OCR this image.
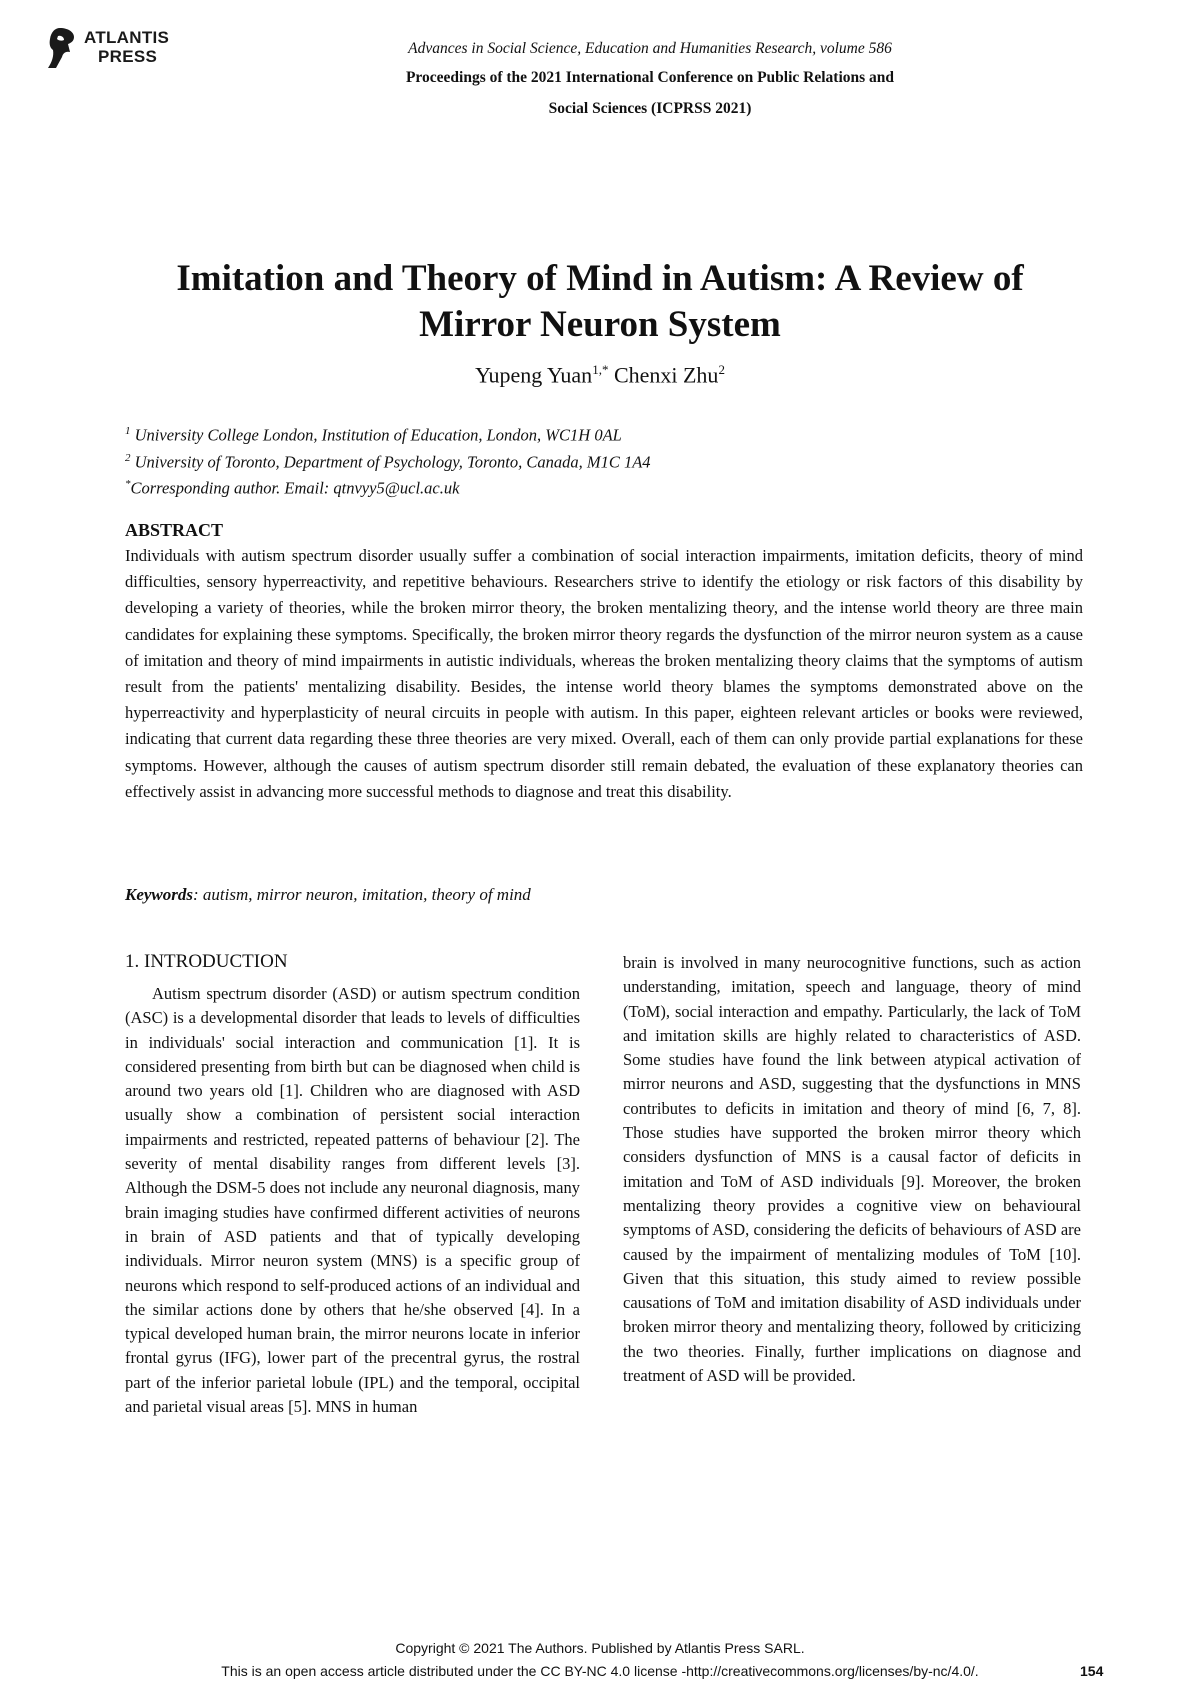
ATLANTIS
PRESS	Advances in Social Science, Education and Humanities Research, volume 586
Proceedings of the 2021 International Conference on Public Relations and
Social Sciences (ICPRSS 2021)
Imitation and Theory of Mind in Autism: A Review of
Mirror Neuron System
Yupeng Yuan$^{1,*}$ Chenxi Zhu$^2$
$^1$ University College London, Institution of Education, London, WC1H 0AL
$^2$ University of Toronto, Department of Psychology, Toronto, Canada, M1C 1A4
*Corresponding author. Email: qtnvyy5@ucl.ac.uk
ABSTRACT
Individuals with autism spectrum disorder usually suffer a combination of social interaction impairments, imitation deficits, theory of mind difficulties, sensory hyperreactivity, and repetitive behaviours. Researchers strive to identify the etiology or risk factors of this disability by developing a variety of theories, while the broken mirror theory, the broken mentalizing theory, and the intense world theory are three main candidates for explaining these symptoms. Specifically, the broken mirror theory regards the dysfunction of the mirror neuron system as a cause of imitation and theory of mind impairments in autistic individuals, whereas the broken mentalizing theory claims that the symptoms of autism result from the patients' mentalizing disability. Besides, the intense world theory blames the symptoms demonstrated above on the hyperreactivity and hyperplasticity of neural circuits in people with autism. In this paper, eighteen relevant articles or books were reviewed, indicating that current data regarding these three theories are very mixed. Overall, each of them can only provide partial explanations for these symptoms. However, although the causes of autism spectrum disorder still remain debated, the evaluation of these explanatory theories can effectively assist in advancing more successful methods to diagnose and treat this disability.
Keywords: autism, mirror neuron, imitation, theory of mind
1. INTRODUCTION

Autism spectrum disorder (ASD) or autism spectrum condition (ASC) is a developmental disorder that leads to levels of difficulties in individuals' social interaction and communication [1]. It is considered presenting from birth but can be diagnosed when child is around two years old [1]. Children who are diagnosed with ASD usually show a combination of persistent social interaction impairments and restricted, repeated patterns of behaviour [2]. The severity of mental disability ranges from different levels [3]. Although the DSM-5 does not include any neuronal diagnosis, many brain imaging studies have confirmed different activities of neurons in brain of ASD patients and that of typically developing individuals. Mirror neuron system (MNS) is a specific group of neurons which respond to self-produced actions of an individual and the similar actions done by others that he/she observed [4]. In a typical developed human brain, the mirror neurons locate in inferior frontal gyrus (IFG), lower part of the precentral gyrus, the rostral part of the inferior parietal lobule (IPL) and the temporal, occipital and parietal visual areas [5]. MNS in human

brain is involved in many neurocognitive functions, such as action understanding, imitation, speech and language, theory of mind (ToM), social interaction and empathy. Particularly, the lack of ToM and imitation skills are highly related to characteristics of ASD. Some studies have found the link between atypical activation of mirror neurons and ASD, suggesting that the dysfunctions in MNS contributes to deficits in imitation and theory of mind [6, 7, 8]. Those studies have supported the broken mirror theory which considers dysfunction of MNS is a causal factor of deficits in imitation and ToM of ASD individuals [9]. Moreover, the broken mentalizing theory provides a cognitive view on behavioural symptoms of ASD, considering the deficits of behaviours of ASD are caused by the impairment of mentalizing modules of ToM [10]. Given that this situation, this study aimed to review possible causations of ToM and imitation disability of ASD individuals under broken mirror theory and mentalizing theory, followed by criticizing the two theories. Finally, further implications on diagnose and treatment of ASD will be provided.

Copyright © 2021 The Authors. Published by Atlantis Press SARL.
This is an open access article distributed under the CC BY-NC 4.0 license -http://creativecommons.org/licenses/by-nc/4.0/.	154
